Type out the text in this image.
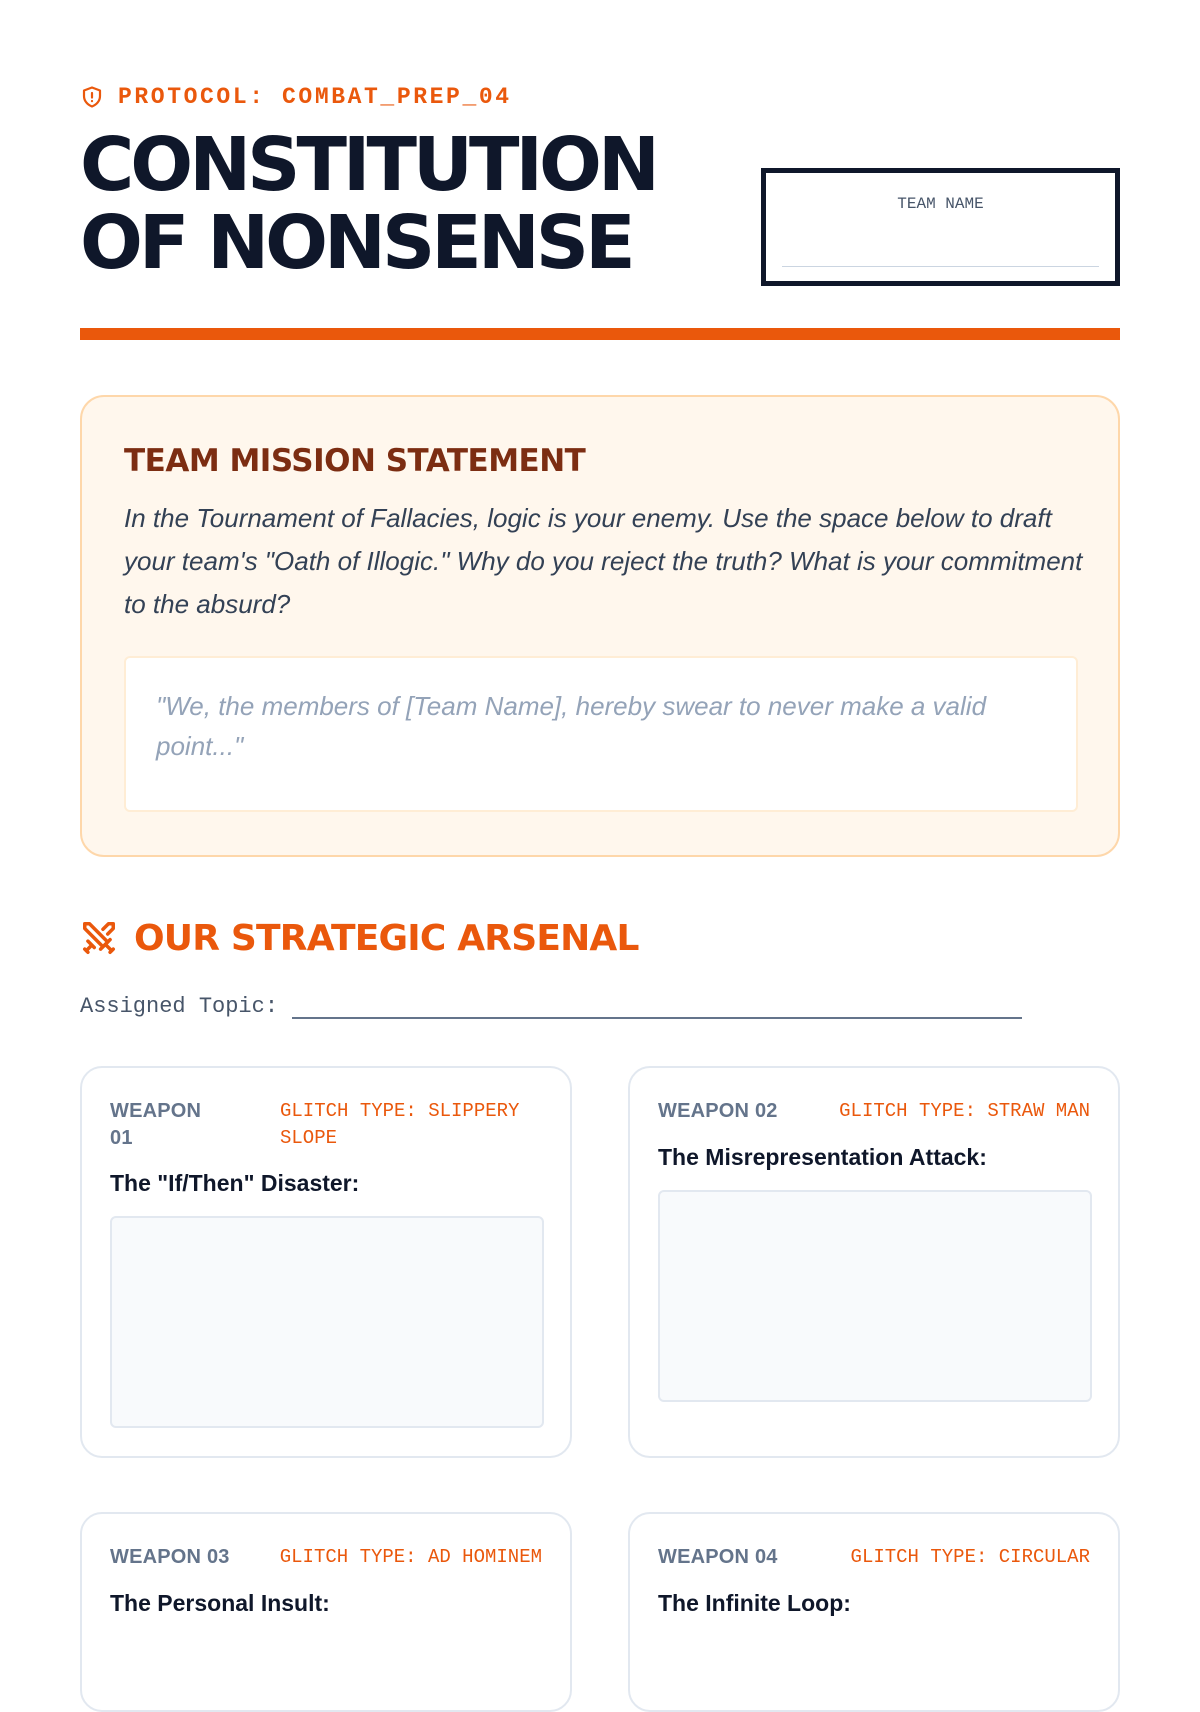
PROTOCOL: COMBAT_PREP_04
CONSTITUTION
OF NONSENSE	TEAM NAME
TEAM MISSION STATEMENT

In the Tournament of Fallacies, logic is your enemy. Use the space below to draft your team's "Oath of Illogic." Why do you reject the truth? What is your commitment to the absurd?

"We, the members of [Team Name], hereby swear to never make a valid point..."

OUR STRATEGIC ARSENAL
Assigned Topic:
WEAPON 01
GLITCH TYPE: SLIPPERY SLOPE
The "If/Then" Disaster:
WEAPON 02	GLITCH TYPE: STRAW MAN
The Misrepresentation Attack:
WEAPON 03	GLITCH TYPE: AD HOMINEM
The Personal Insult:
WEAPON 04	GLITCH TYPE: CIRCULAR
The Infinite Loop:
